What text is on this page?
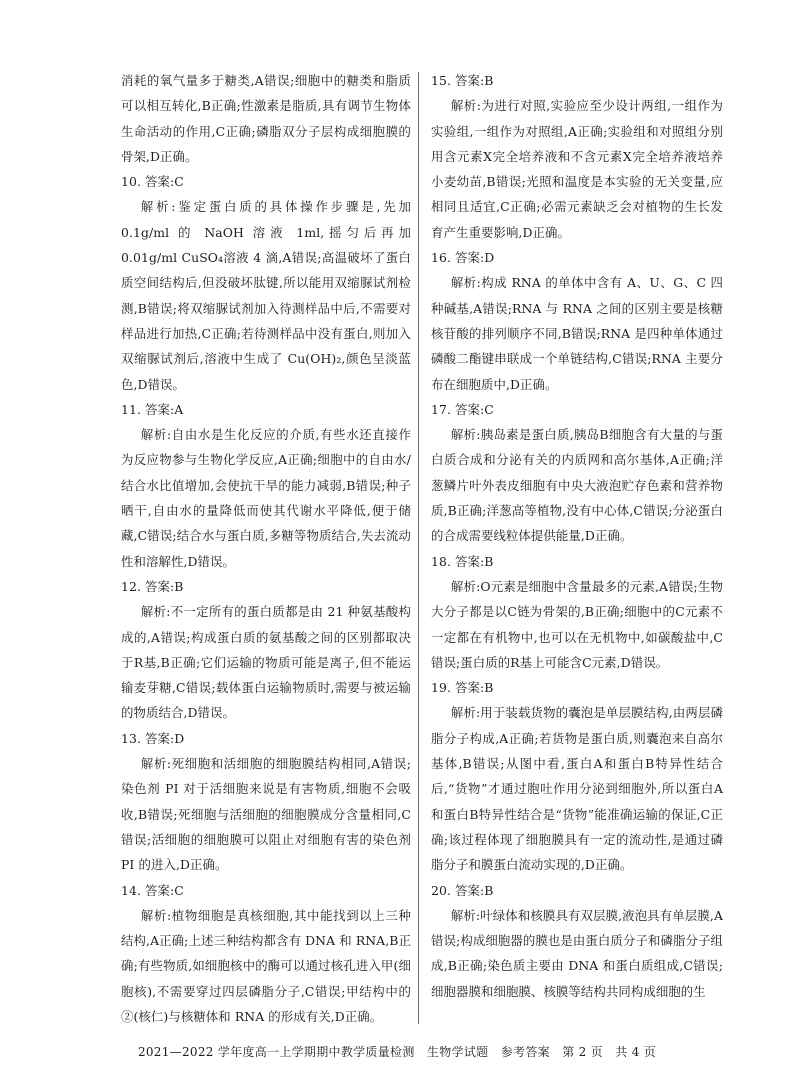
消耗的氧气量多于糖类,A错误;细胞中的糖类和脂质可以相互转化,B正确;性激素是脂质,具有调节生物体生命活动的作用,C正确;磷脂双分子层构成细胞膜的骨架,D正确。

10. 答案:C

解析:鉴定蛋白质的具体操作步骤是,先加 0.1g/ml 的 NaOH 溶液 1ml,摇匀后再加 0.01g/ml CuSO₄溶液 4 滴,A错误;高温破坏了蛋白质空间结构后,但没破坏肽键,所以能用双缩脲试剂检测,B错误;将双缩脲试剂加入待测样品中后,不需要对样品进行加热,C正确;若待测样品中没有蛋白,则加入双缩脲试剂后,溶液中生成了 Cu(OH)₂,颜色呈淡蓝色,D错误。

11. 答案:A

解析:自由水是生化反应的介质,有些水还直接作为反应物参与生物化学反应,A正确;细胞中的自由水/结合水比值增加,会使抗干旱的能力减弱,B错误;种子晒干,自由水的量降低而使其代谢水平降低,便于储藏,C错误;结合水与蛋白质,多糖等物质结合,失去流动性和溶解性,D错误。

12. 答案:B

解析:不一定所有的蛋白质都是由 21 种氨基酸构成的,A错误;构成蛋白质的氨基酸之间的区别都取决于R基,B正确;它们运输的物质可能是离子,但不能运输麦芽糖,C错误;载体蛋白运输物质时,需要与被运输的物质结合,D错误。

13. 答案:D

解析:死细胞和活细胞的细胞膜结构相同,A错误;染色剂 PI 对于活细胞来说是有害物质,细胞不会吸收,B错误;死细胞与活细胞的细胞膜成分含量相同,C错误;活细胞的细胞膜可以阻止对细胞有害的染色剂 PI 的进入,D正确。

14. 答案:C

解析:植物细胞是真核细胞,其中能找到以上三种结构,A正确;上述三种结构都含有 DNA 和 RNA,B正确;有些物质,如细胞核中的酶可以通过核孔进入甲(细胞核),不需要穿过四层磷脂分子,C错误;甲结构中的②(核仁)与核糖体和 RNA 的形成有关,D正确。

15. 答案:B

解析:为进行对照,实验应至少设计两组,一组作为实验组,一组作为对照组,A正确;实验组和对照组分别用含元素X完全培养液和不含元素X完全培养液培养小麦幼苗,B错误;光照和温度是本实验的无关变量,应相同且适宜,C正确;必需元素缺乏会对植物的生长发育产生重要影响,D正确。

16. 答案:D

解析:构成 RNA 的单体中含有 A、U、G、C 四种碱基,A错误;RNA 与 RNA 之间的区别主要是核糖核苷酸的排列顺序不同,B错误;RNA 是四种单体通过磷酸二酯键串联成一个单链结构,C错误;RNA 主要分布在细胞质中,D正确。

17. 答案:C

解析:胰岛素是蛋白质,胰岛B细胞含有大量的与蛋白质合成和分泌有关的内质网和高尔基体,A正确;洋葱鳞片叶外表皮细胞有中央大液泡贮存色素和营养物质,B正确;洋葱高等植物,没有中心体,C错误;分泌蛋白的合成需要线粒体提供能量,D正确。

18. 答案:B

解析:O元素是细胞中含量最多的元素,A错误;生物大分子都是以C链为骨架的,B正确;细胞中的C元素不一定都在有机物中,也可以在无机物中,如碳酸盐中,C错误;蛋白质的R基上可能含C元素,D错误。

19. 答案:B

解析:用于装载货物的囊泡是单层膜结构,由两层磷脂分子构成,A正确;若货物是蛋白质,则囊泡来自高尔基体,B错误;从图中看,蛋白A和蛋白B特异性结合后,“货物”才通过胞吐作用分泌到细胞外,所以蛋白A和蛋白B特异性结合是“货物”能准确运输的保证,C正确;该过程体现了细胞膜具有一定的流动性,是通过磷脂分子和膜蛋白流动实现的,D正确。

20. 答案:B

解析:叶绿体和核膜具有双层膜,液泡具有单层膜,A错误;构成细胞器的膜也是由蛋白质分子和磷脂分子组成,B正确;染色质主要由 DNA 和蛋白质组成,C错误;细胞器膜和细胞膜、核膜等结构共同构成细胞的生

2021—2022 学年度高一上学期期中教学质量检测　生物学试题　参考答案　第 2 页　共 4 页
